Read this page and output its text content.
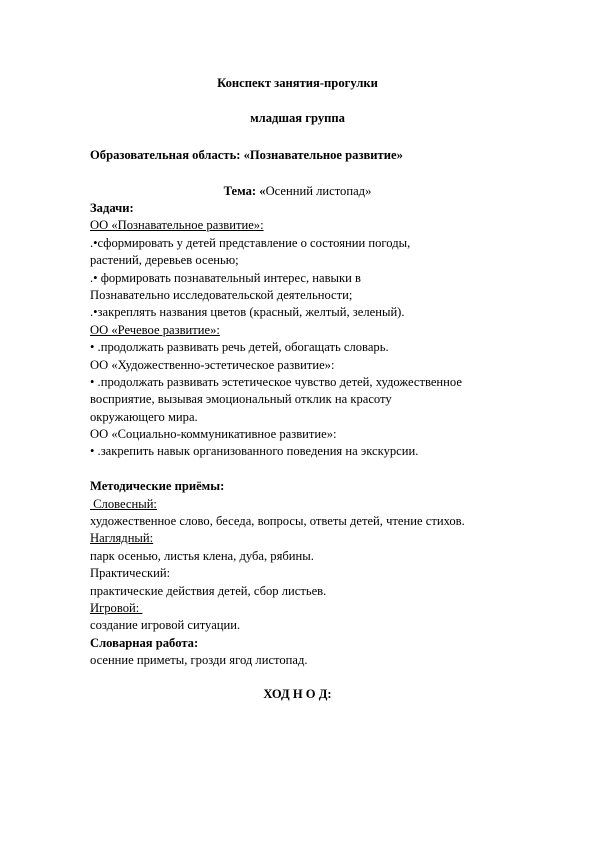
Конспект занятия-прогулки
младшая группа
Образовательная область: «Познавательное развитие»
Тема: «Осенний листопад»
Задачи:
ОО «Познавательное развитие»:
.•сформировать у детей представление о состоянии погоды,
растений, деревьев осенью;
.• формировать познавательный интерес, навыки в
Познавательно исследовательской деятельности;
.•закреплять названия цветов (красный, желтый, зеленый).
ОО «Речевое развитие»:
• .продолжать развивать речь детей, обогащать словарь.
ОО «Художественно-эстетическое развитие»:
• .продолжать развивать эстетическое чувство детей, художественное
восприятие, вызывая эмоциональный отклик на красоту
окружающего мира.
ОО «Социально-коммуникативное развитие»:
• .закрепить навык организованного поведения на экскурсии.
Методические приёмы:
Словесный:
художественное слово, беседа, вопросы, ответы детей, чтение стихов.
Наглядный:
парк осенью, листья клена, дуба, рябины.
Практический:
практические действия детей, сбор листьев.
Игровой:
создание игровой ситуации.
Словарная работа:
осенние приметы, грозди ягод листопад.
ХОД Н О Д:
